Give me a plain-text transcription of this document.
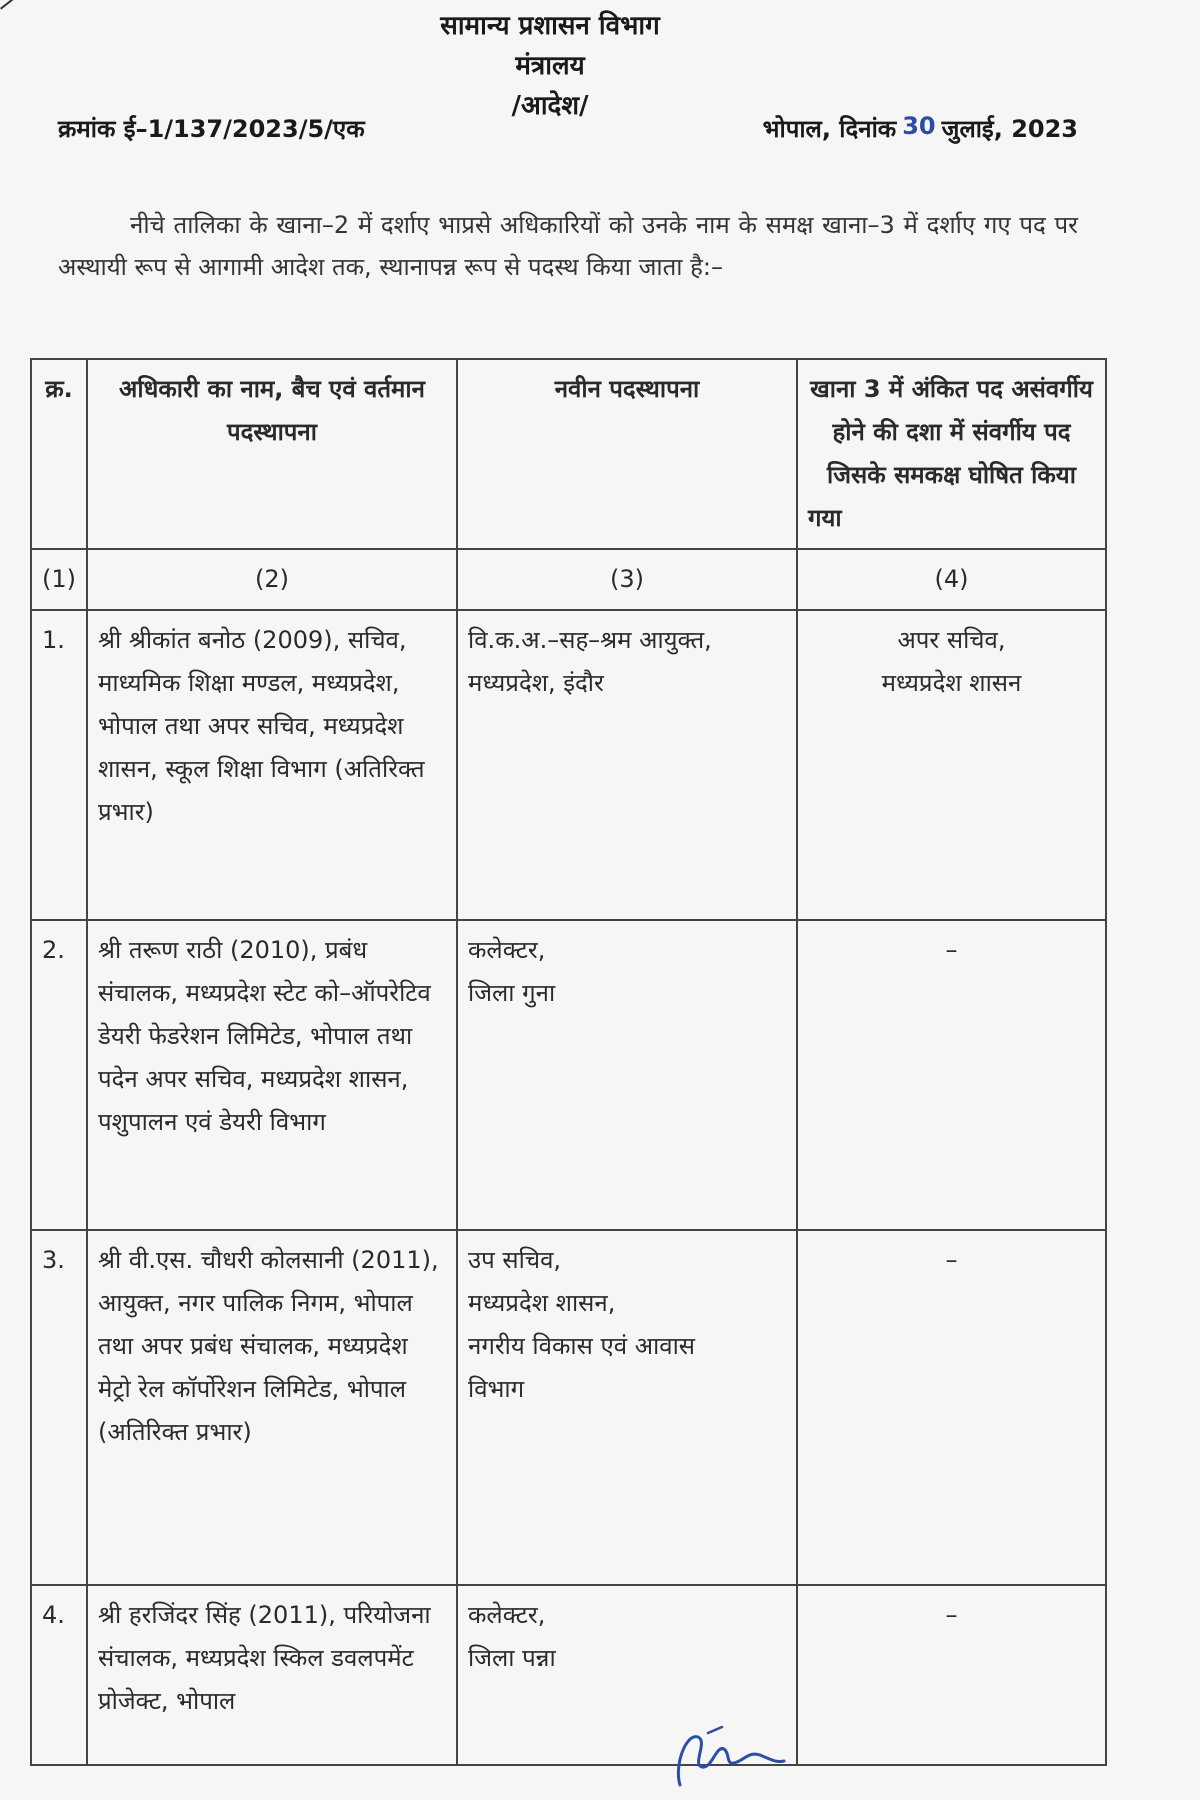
सामान्य प्रशासन विभाग
मंत्रालय
/आदेश/
क्रमांक ई–1/137/2023/5/एक	भोपाल, दिनांक 30 जुलाई, 2023

नीचे तालिका के खाना–2 में दर्शाए भाप्रसे अधिकारियों को उनके नाम के समक्ष खाना–3 में दर्शाए गए पद पर अस्थायी रूप से आगामी आदेश तक, स्थानापन्न रूप से पदस्थ किया जाता है:–

क्र.	अधिकारी का नाम, बैच एवं वर्तमान पदस्थापना	नवीन पदस्थापना	खाना 3 में अंकित पद असंवर्गीय होने की दशा में संवर्गीय पद जिसके समकक्ष घोषित किया गया
(1)	(2)	(3)	(4)
1.	श्री श्रीकांत बनोठ (2009), सचिव, माध्यमिक शिक्षा मण्डल, मध्यप्रदेश, भोपाल तथा अपर सचिव, मध्यप्रदेश शासन, स्कूल शिक्षा विभाग (अतिरिक्त प्रभार)	वि.क.अ.–सह–श्रम आयुक्त,
मध्यप्रदेश, इंदौर	अपर सचिव,
मध्यप्रदेश शासन

2.	श्री तरूण राठी (2010), प्रबंध संचालक, मध्यप्रदेश स्टेट को–ऑपरेटिव डेयरी फेडरेशन लिमिटेड, भोपाल तथा पदेन अपर सचिव, मध्यप्रदेश शासन, पशुपालन एवं डेयरी विभाग	कलेक्टर,
जिला गुना	–
3.	श्री वी.एस. चौधरी कोलसानी (2011), आयुक्त, नगर पालिक निगम, भोपाल तथा अपर प्रबंध संचालक, मध्यप्रदेश मेट्रो रेल कॉर्पोरेशन लिमिटेड, भोपाल (अतिरिक्त प्रभार)	उप सचिव,
मध्यप्रदेश शासन,
नगरीय विकास एवं आवास
विभाग	–
4.	श्री हरजिंदर सिंह (2011), परियोजना संचालक, मध्यप्रदेश स्किल डवलपमेंट प्रोजेक्ट, भोपाल	कलेक्टर,
जिला पन्ना	–
